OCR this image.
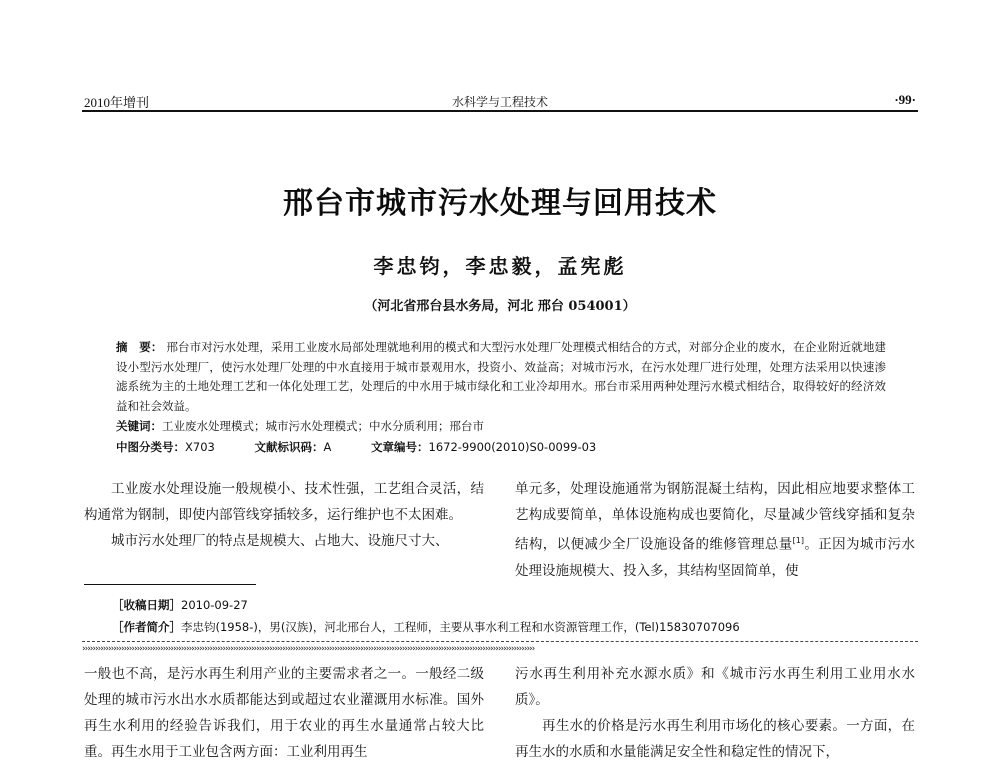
2010年增刊	水科学与工程技术	·99·
邢台市城市污水处理与回用技术
李忠钧，李忠毅，孟宪彪
（河北省邢台县水务局，河北 邢台 054001）
摘　要： 邢台市对污水处理，采用工业废水局部处理就地利用的模式和大型污水处理厂处理模式相结合的方式，对部分企业的废水，在企业附近就地建设小型污水处理厂，使污水处理厂处理的中水直接用于城市景观用水，投资小、效益高；对城市污水，在污水处理厂进行处理，处理方法采用以快速渗滤系统为主的土地处理工艺和一体化处理工艺，处理后的中水用于城市绿化和工业冷却用水。邢台市采用两种处理污水模式相结合，取得较好的经济效益和社会效益。
关键词：工业废水处理模式；城市污水处理模式；中水分质利用；邢台市
中图分类号：X703	文献标识码：A	文章编号：1672-9900(2010)S0-0099-03

工业废水处理设施一般规模小、技术性强，工艺组合灵活，结构通常为钢制，即使内部管线穿插较多，运行维护也不太困难。

城市污水处理厂的特点是规模大、占地大、设施尺寸大、

单元多，处理设施通常为钢筋混凝土结构，因此相应地要求整体工艺构成要简单，单体设施构成也要简化，尽量减少管线穿插和复杂结构，以便减少全厂设施设备的维修管理总量[1]。正因为城市污水处理设施规模大、投入多，其结构坚固简单，使

［收稿日期］2010-09-27
［作者简介］李忠钧(1958-)，男(汉族)，河北邢台人，工程师，主要从事水利工程和水资源管理工作，(Tel)15830707096
››››››››››››››››››››››››››››››››››››››››››››››››››››››››››››››››››››››››››››››››››››››››››››››››››››››››››››››››››››››››››››››››››››››››››››››››››››››››››››››››››››››››››››››

一般也不高，是污水再生利用产业的主要需求者之一。一般经二级处理的城市污水出水水质都能达到或超过农业灌溉用水标准。国外再生水利用的经验告诉我们，用于农业的再生水量通常占较大比重。再生水用于工业包含两方面：工业利用再生

污水再生利用补充水源水质》和《城市污水再生利用工业用水水质》。

再生水的价格是污水再生利用市场化的核心要素。一方面，在再生水的水质和水量能满足安全性和稳定性的情况下，
